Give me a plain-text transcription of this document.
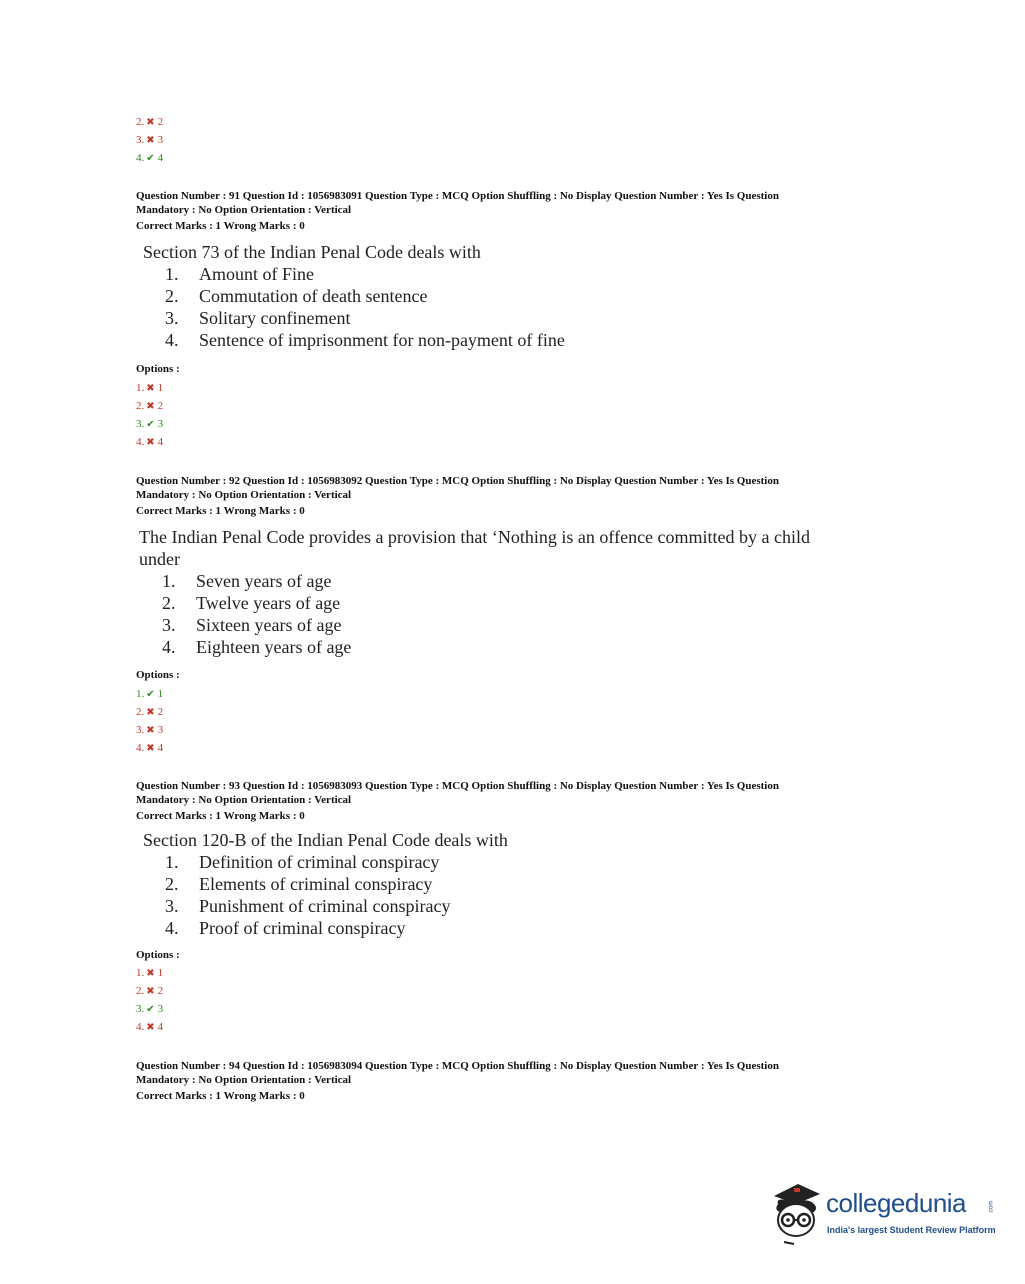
2. ✖ 2
3. ✖ 3
4. ✔ 4
Question Number : 91 Question Id : 1056983091 Question Type : MCQ Option Shuffling : No Display Question Number : Yes Is Question
Mandatory : No Option Orientation : Vertical
Correct Marks : 1 Wrong Marks : 0
Section 73 of the Indian Penal Code deals with
1. Amount of Fine
2. Commutation of death sentence
3. Solitary confinement
4. Sentence of imprisonment for non-payment of fine
Options :
1. ✖ 1
2. ✖ 2
3. ✔ 3
4. ✖ 4
Question Number : 92 Question Id : 1056983092 Question Type : MCQ Option Shuffling : No Display Question Number : Yes Is Question
Mandatory : No Option Orientation : Vertical
Correct Marks : 1 Wrong Marks : 0
The Indian Penal Code provides a provision that ‘Nothing is an offence committed by a child
under
1. Seven years of age
2. Twelve years of age
3. Sixteen years of age
4. Eighteen years of age
Options :
1. ✔ 1
2. ✖ 2
3. ✖ 3
4. ✖ 4
Question Number : 93 Question Id : 1056983093 Question Type : MCQ Option Shuffling : No Display Question Number : Yes Is Question
Mandatory : No Option Orientation : Vertical
Correct Marks : 1 Wrong Marks : 0
Section 120-B of the Indian Penal Code deals with
1. Definition of criminal conspiracy
2. Elements of criminal conspiracy
3. Punishment of criminal conspiracy
4. Proof of criminal conspiracy
Options :
1. ✖ 1
2. ✖ 2
3. ✔ 3
4. ✖ 4
Question Number : 94 Question Id : 1056983094 Question Type : MCQ Option Shuffling : No Display Question Number : Yes Is Question
Mandatory : No Option Orientation : Vertical
Correct Marks : 1 Wrong Marks : 0
collegedunia	.com
India's largest Student Review Platform
